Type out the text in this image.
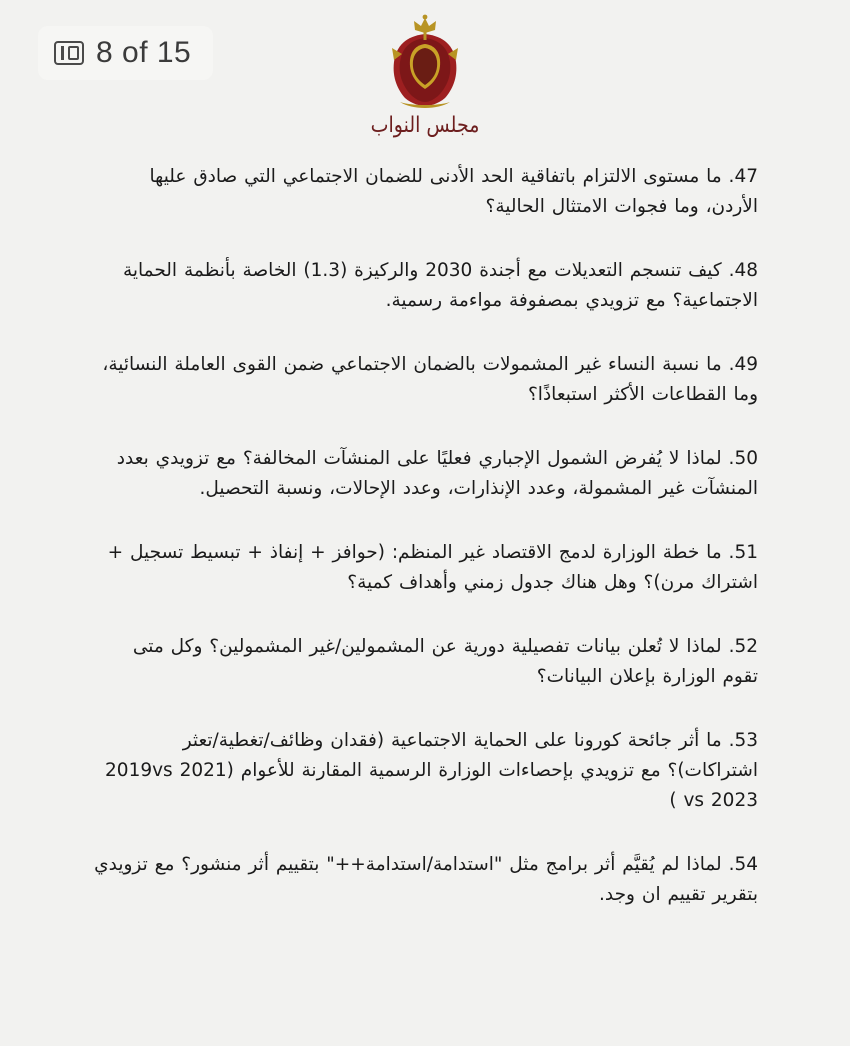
8 of 15
مجلس النواب

47. ما مستوى الالتزام باتفاقية الحد الأدنى للضمان الاجتماعي التي صادق عليها الأردن، وما فجوات الامتثال الحالية؟

48. كيف تنسجم التعديلات مع أجندة 2030 والركيزة (1.3) الخاصة بأنظمة الحماية الاجتماعية؟ مع تزويدي بمصفوفة مواءمة رسمية.

49. ما نسبة النساء غير المشمولات بالضمان الاجتماعي ضمن القوى العاملة النسائية، وما القطاعات الأكثر استبعاذًا؟

50. لماذا لا يُفرض الشمول الإجباري فعليًا على المنشآت المخالفة؟ مع تزويدي بعدد المنشآت غير المشمولة، وعدد الإنذارات، وعدد الإحالات، ونسبة التحصيل.

51. ما خطة الوزارة لدمج الاقتصاد غير المنظم: (حوافز + إنفاذ + تبسيط تسجيل + اشتراك مرن)؟ وهل هناك جدول زمني وأهداف كمية؟

52. لماذا لا تُعلن بيانات تفصيلية دورية عن المشمولين/غير المشمولين؟ وكل متى تقوم الوزارة بإعلان البيانات؟

53. ما أثر جائحة كورونا على الحماية الاجتماعية (فقدان وظائف/تغطية/تعثر اشتراكات)؟ مع تزويدي بإحصاءات الوزارة الرسمية المقارنة للأعوام (2019vs 2021 vs 2023 )

54. لماذا لم يُقيَّم أثر برامج مثل "استدامة/استدامة++" بتقييم أثر منشور؟ مع تزويدي بتقرير تقييم ان وجد.
